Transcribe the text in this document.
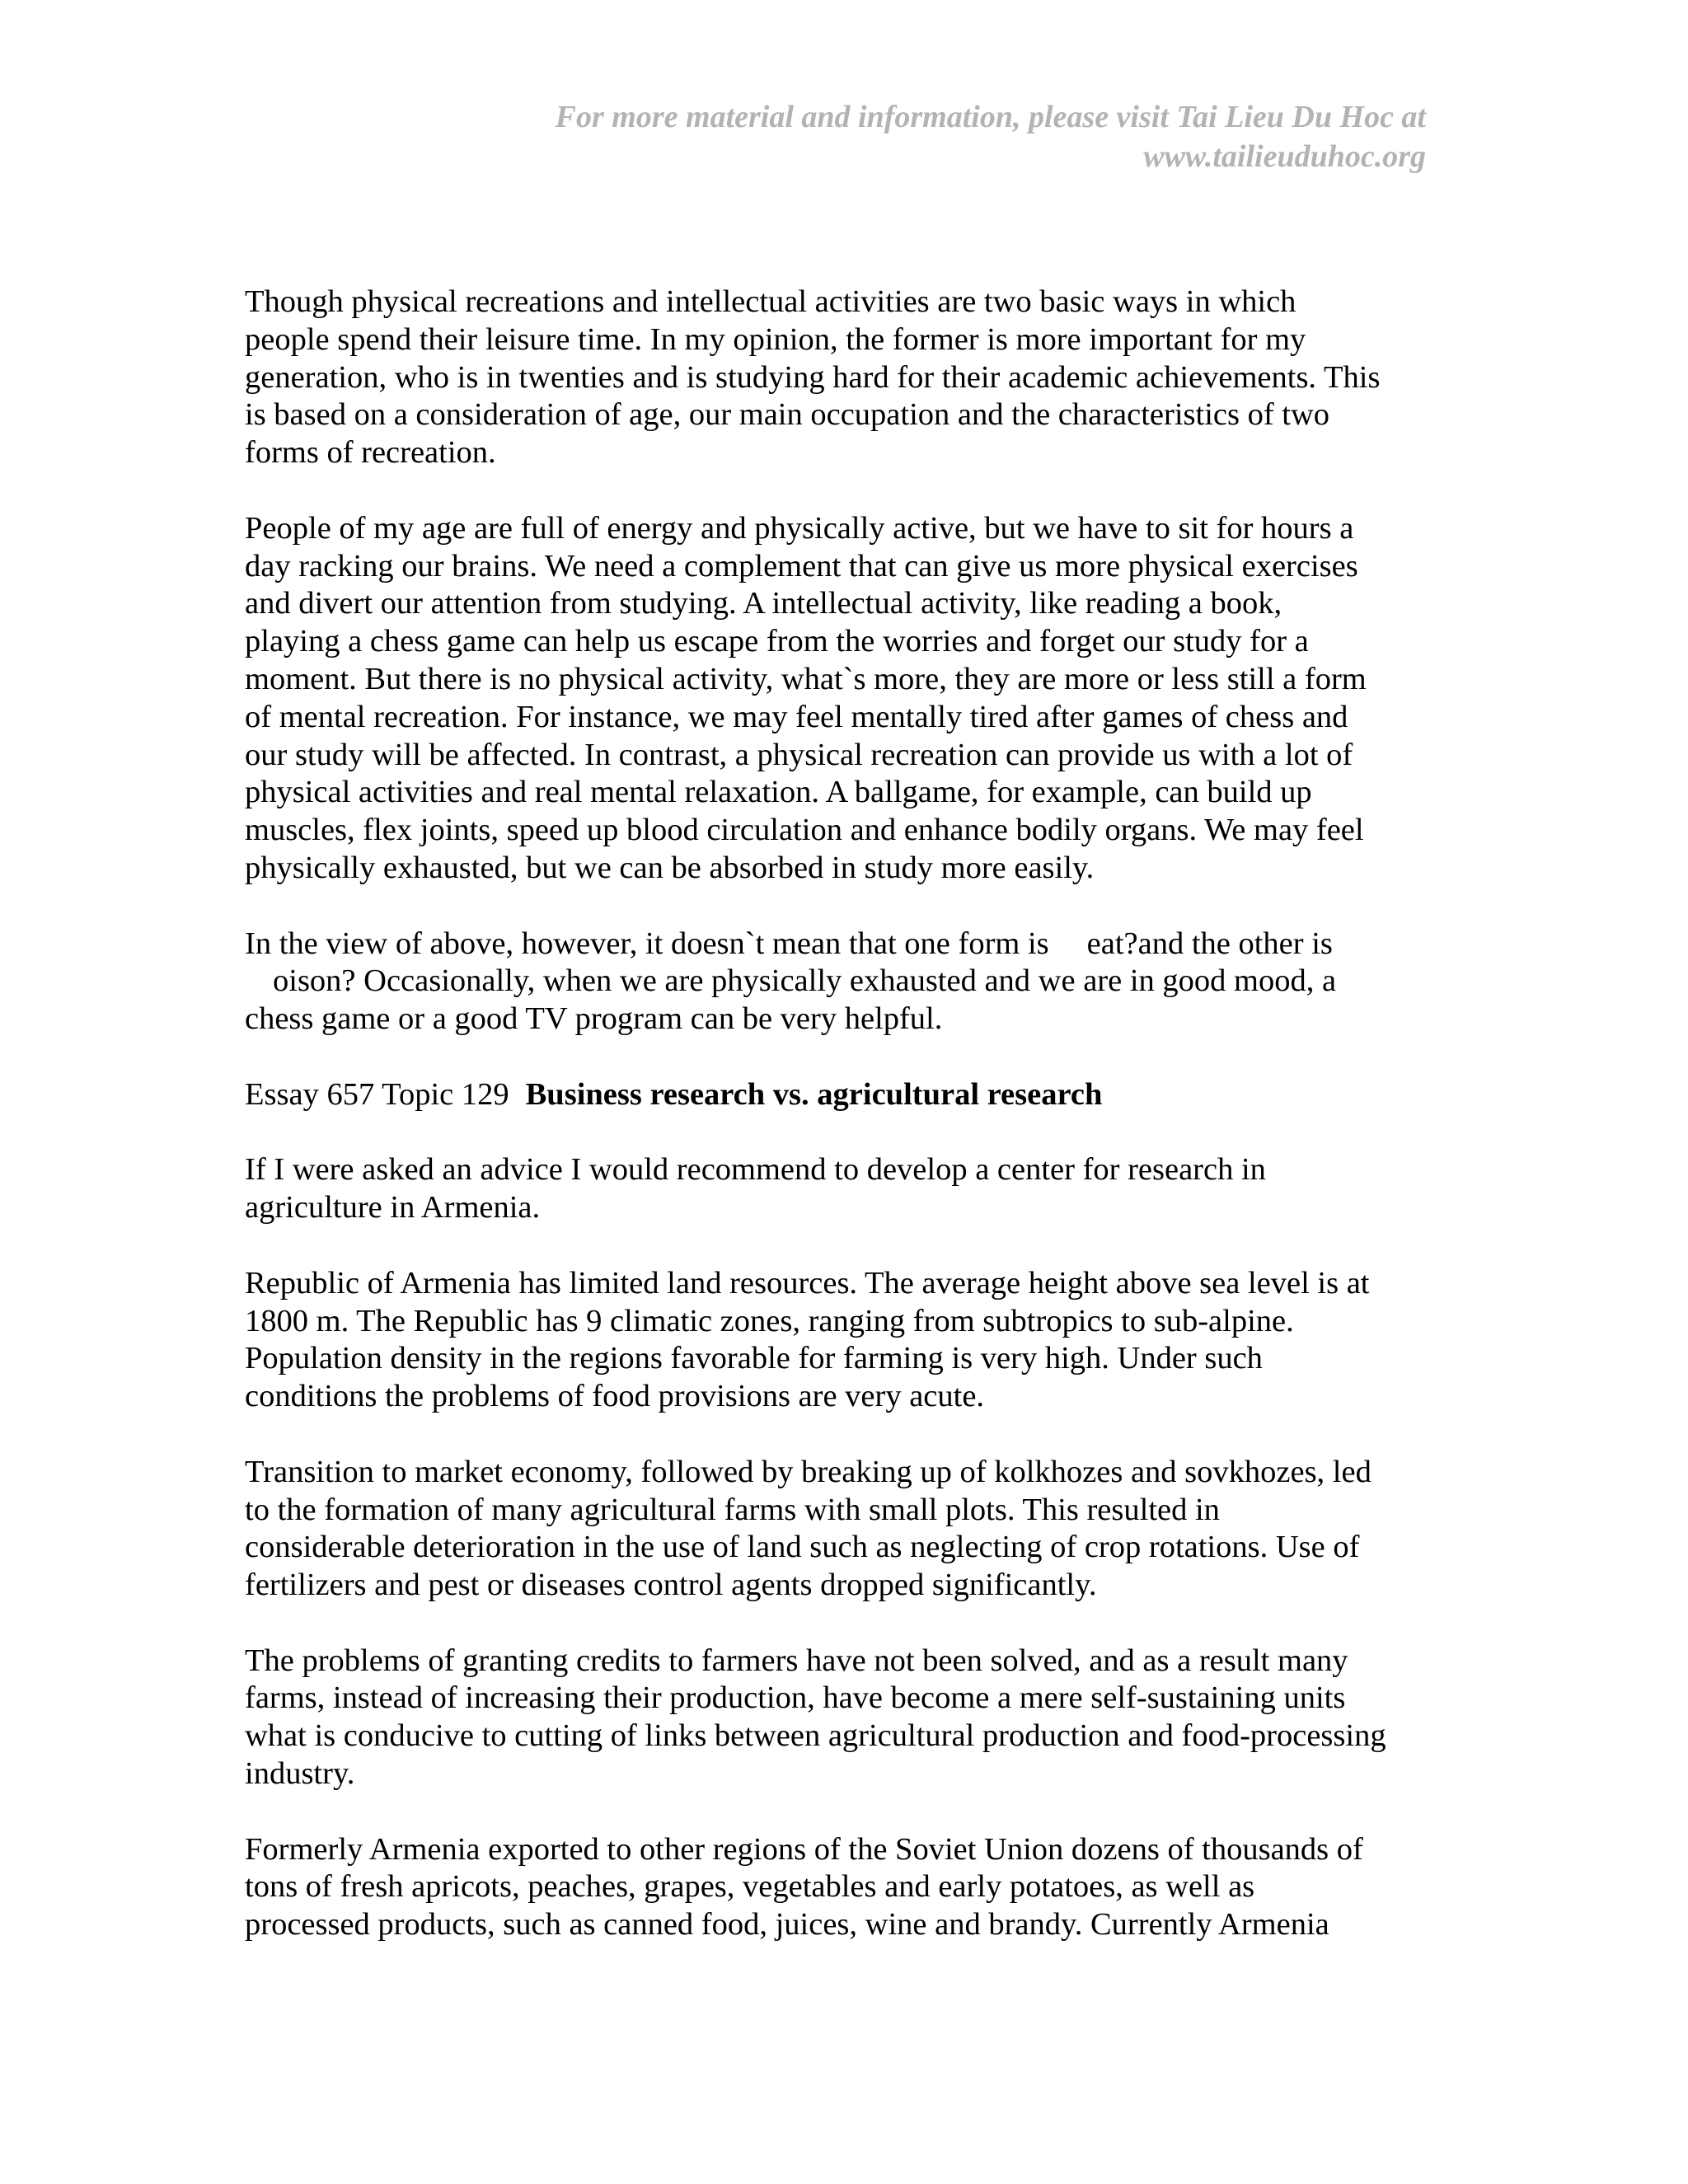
For more material and information, please visit Tai Lieu Du Hoc at
www.tailieuduhoc.org

Though physical recreations and intellectual activities are two basic ways in which
people spend their leisure time. In my opinion, the former is more important for my
generation, who is in twenties and is studying hard for their academic achievements. This
is based on a consideration of age, our main occupation and the characteristics of two
forms of recreation.

People of my age are full of energy and physically active, but we have to sit for hours a
day racking our brains. We need a complement that can give us more physical exercises
and divert our attention from studying. A intellectual activity, like reading a book,
playing a chess game can help us escape from the worries and forget our study for a
moment. But there is no physical activity, what`s more, they are more or less still a form
of mental recreation. For instance, we may feel mentally tired after games of chess and
our study will be affected. In contrast, a physical recreation can provide us with a lot of
physical activities and real mental relaxation. A ballgame, for example, can build up
muscles, flex joints, speed up blood circulation and enhance bodily organs. We may feel
physically exhausted, but we can be absorbed in study more easily.

In the view of above, however, it doesn`t mean that one form is eat?and the other is
oison? Occasionally, when we are physically exhausted and we are in good mood, a
chess game or a good TV program can be very helpful.

Essay 657 Topic 129 Business research vs. agricultural research

If I were asked an advice I would recommend to develop a center for research in
agriculture in Armenia.

Republic of Armenia has limited land resources. The average height above sea level is at
1800 m. The Republic has 9 climatic zones, ranging from subtropics to sub-alpine.
Population density in the regions favorable for farming is very high. Under such
conditions the problems of food provisions are very acute.

Transition to market economy, followed by breaking up of kolkhozes and sovkhozes, led
to the formation of many agricultural farms with small plots. This resulted in
considerable deterioration in the use of land such as neglecting of crop rotations. Use of
fertilizers and pest or diseases control agents dropped significantly.

The problems of granting credits to farmers have not been solved, and as a result many
farms, instead of increasing their production, have become a mere self-sustaining units
what is conducive to cutting of links between agricultural production and food-processing
industry.

Formerly Armenia exported to other regions of the Soviet Union dozens of thousands of
tons of fresh apricots, peaches, grapes, vegetables and early potatoes, as well as
processed products, such as canned food, juices, wine and brandy. Currently Armenia
